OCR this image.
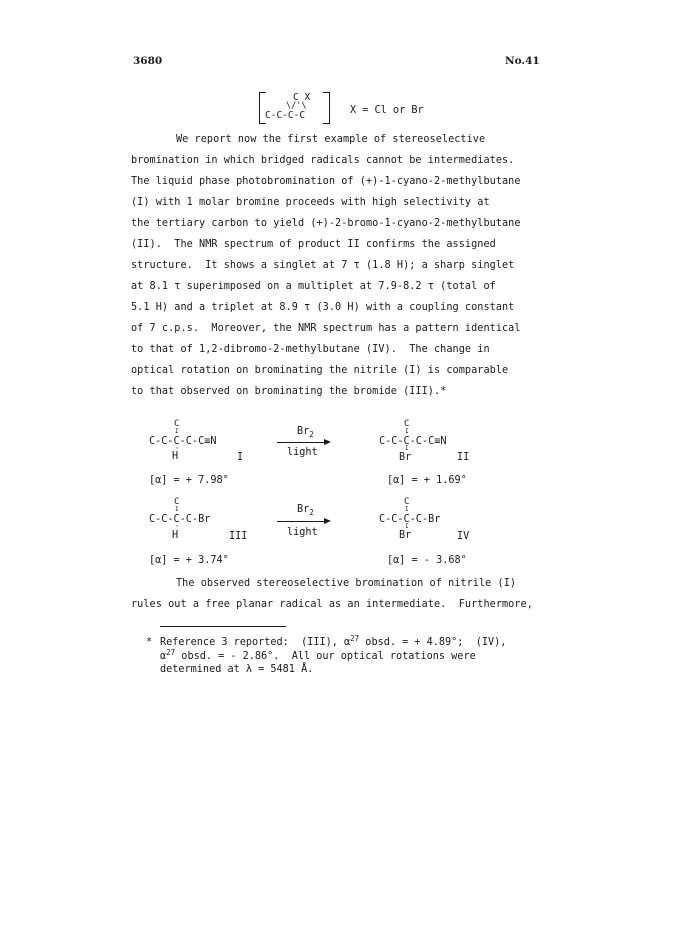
3680	No.41
C X
\/'\
C-C-C-C	X = Cl or Br
We report now the first example of stereoselective
bromination in which bridged radicals cannot be intermediates.
The liquid phase photobromination of (+)-1-cyano-2-methylbutane
(I) with 1 molar bromine proceeds with high selectivity at
the tertiary carbon to yield (+)-2-bromo-1-cyano-2-methylbutane
(II).  The NMR spectrum of product II confirms the assigned
structure.  It shows a singlet at 7 τ (1.8 H); a sharp singlet
at 8.1 τ superimposed on a multiplet at 7.9-8.2 τ (total of
5.1 H) and a triplet at 8.9 τ (3.0 H) with a coupling constant
of 7 c.p.s.  Moreover, the NMR spectrum has a pattern identical
to that of 1,2-dibromo-2-methylbutane (IV).  The change in
optical rotation on brominating the nitrile (I) is comparable
to that observed on brominating the bromide (III).*
C
I
C-C-C-C-C≡N
'
H	I
[α] = + 7.98°
$Br_2$
light
C
I
C-C-C-C-C≡N
I
Br	II
[α] = + 1.69°
C
I
C-C-C-C-Br
'
H	III
[α] = + 3.74°
$Br_2$
light
C
I
C-C-C-C-Br
I
Br	IV
[α] = - 3.68°
The observed stereoselective bromination of nitrile (I)
rules out a free planar radical as an intermediate.  Furthermore,
* Reference 3 reported:  (III), $\alpha^{27}$ obsd. = + 4.89°;  (IV),
$\alpha^{27}$ obsd. = - 2.86°.  All our optical rotations were
determined at λ = 5481 Å.
